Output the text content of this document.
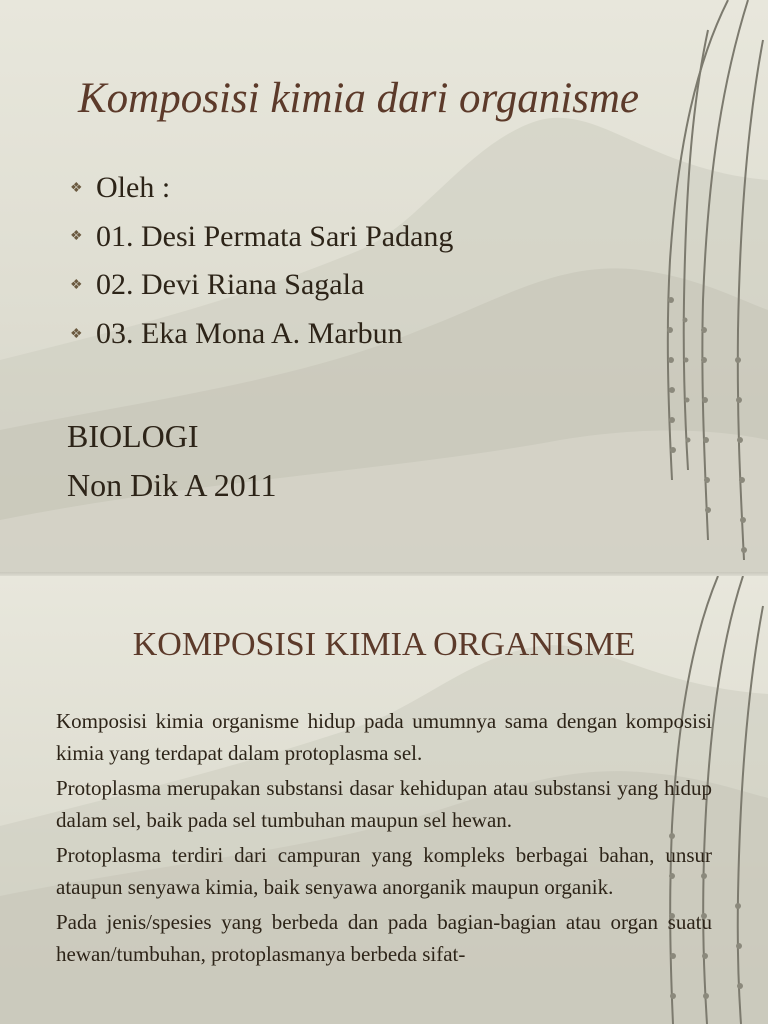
Komposisi kimia dari organisme
❖ Oleh :
❖ 01. Desi Permata Sari Padang
❖ 02. Devi Riana Sagala
❖ 03. Eka Mona A. Marbun
BIOLOGI
Non Dik A 2011
KOMPOSISI KIMIA ORGANISME

Komposisi kimia organisme hidup pada umumnya sama dengan komposisi kimia yang terdapat dalam protoplasma sel.

Protoplasma merupakan substansi dasar kehidupan atau substansi yang hidup dalam sel, baik pada sel tumbuhan maupun sel hewan.

Protoplasma terdiri dari campuran yang kompleks berbagai bahan, unsur ataupun senyawa kimia, baik senyawa anorganik maupun organik.

Pada jenis/spesies yang berbeda dan pada bagian-bagian atau organ suatu hewan/tumbuhan, protoplasmanya berbeda sifat-
